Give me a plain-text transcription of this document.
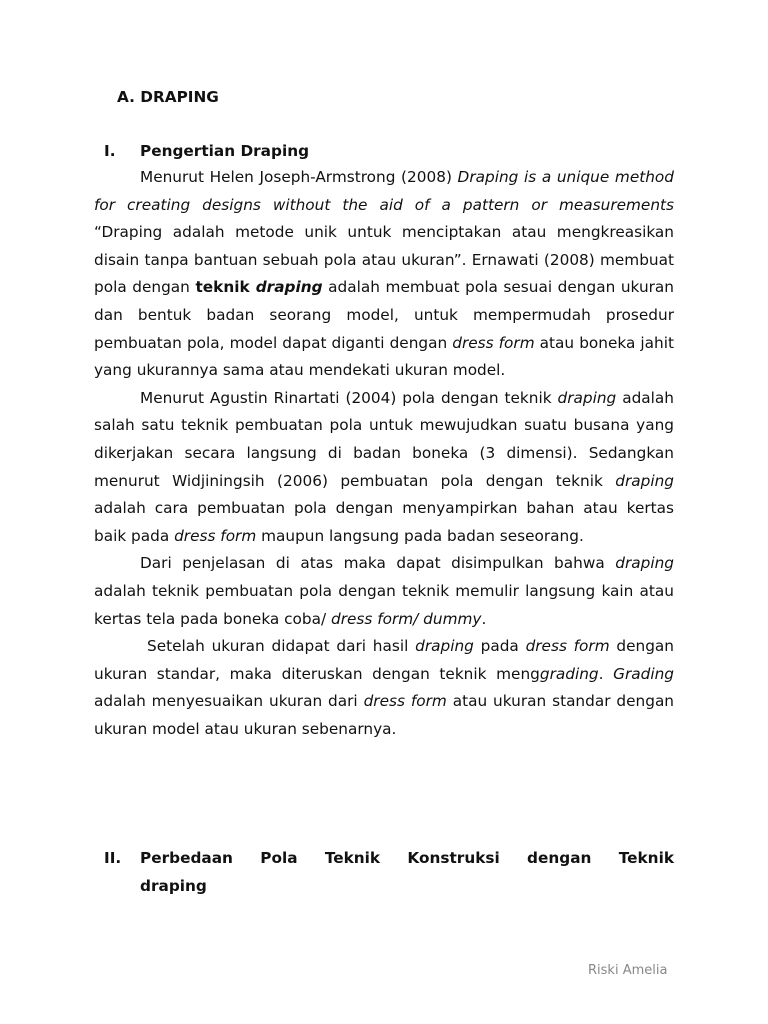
A. DRAPING
I. Pengertian Draping

Menurut Helen Joseph-Armstrong (2008) Draping is a unique method for creating designs without the aid of a pattern or measurements “Draping adalah metode unik untuk menciptakan atau mengkreasikan disain tanpa bantuan sebuah pola atau ukuran”. Ernawati (2008) membuat pola dengan teknik draping adalah membuat pola sesuai dengan ukuran dan bentuk badan seorang model, untuk mempermudah prosedur pembuatan pola, model dapat diganti dengan dress form atau boneka jahit yang ukurannya sama atau mendekati ukuran model.

Menurut Agustin Rinartati (2004) pola dengan teknik draping adalah salah satu teknik pembuatan pola untuk mewujudkan suatu busana yang dikerjakan secara langsung di badan boneka (3 dimensi). Sedangkan menurut Widjiningsih (2006) pembuatan pola dengan teknik draping adalah cara pembuatan pola dengan menyampirkan bahan atau kertas baik pada dress form maupun langsung pada badan seseorang.

Dari penjelasan di atas maka dapat disimpulkan bahwa draping adalah teknik pembuatan pola dengan teknik memulir langsung kain atau kertas tela pada boneka coba/ dress form/ dummy.

Setelah ukuran didapat dari hasil draping pada dress form dengan ukuran standar, maka diteruskan dengan teknik menggrading. Grading adalah menyesuaikan ukuran dari dress form atau ukuran standar dengan ukuran model atau ukuran sebenarnya.

II. Perbedaan Pola Teknik Konstruksi dengan Teknik
draping
Riski Amelia
